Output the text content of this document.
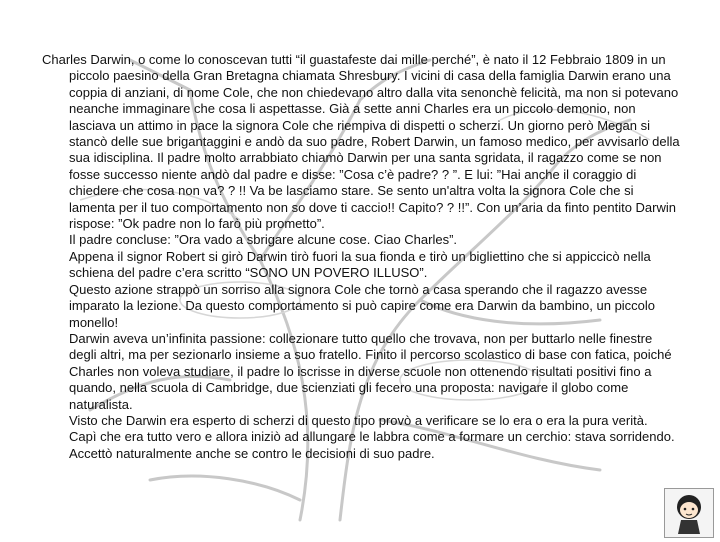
Charles Darwin, o come lo conoscevan tutti “il guastafeste dai mille perché”, è nato il 12 Febbraio 1809 in un piccolo paesino della Gran Bretagna chiamata Shresbury. I vicini di casa della famiglia Darwin erano una coppia di anziani, di nome Cole, che non chiedevano altro dalla vita senonchè felicità, ma non si potevano neanche immaginare che cosa li aspettasse. Già a sette anni Charles era un piccolo demonio, non lasciava un attimo in pace la signora Cole che riempiva di dispetti o scherzi. Un giorno però Megan si stancò delle sue brigantaggini e andò da suo padre, Robert Darwin, un famoso medico, per avvisarlo della sua idisciplina. Il padre molto arrabbiato chiamò Darwin per una santa sgridata, il ragazzo come se non fosse successo niente andò dal padre e disse: ”Cosa c’è padre? ? ”. E lui: ”Hai anche il coraggio di chiedere che cosa non va? ? !! Va be lasciamo stare. Se sento un'altra volta la signora Cole che si lamenta per il tuo comportamento non so dove ti caccio!! Capito? ? !!”. Con un’aria da finto pentito Darwin rispose: ”Ok padre non lo farò più prometto”.

Il padre concluse: ”Ora vado a sbrigare alcune cose. Ciao Charles”.

Appena il signor Robert si girò Darwin tirò fuori la sua fionda e tirò un bigliettino che si appiccicò nella schiena del padre c’era scritto “SONO UN POVERO ILLUSO”.

Questo azione strappò un sorriso alla signora Cole che tornò a casa sperando che il ragazzo avesse imparato la lezione. Da questo comportamento si può capire come era Darwin da bambino, un piccolo monello!

Darwin aveva un’infinita passione: collezionare tutto quello che trovava, non per buttarlo nelle finestre degli altri, ma per sezionarlo insieme a suo fratello. Finito il percorso scolastico di base con fatica, poiché Charles non voleva studiare, il padre lo iscrisse in diverse scuole non ottenendo risultati positivi fino a quando, nella scuola di Cambridge, due scienziati gli fecero una proposta: navigare il globo come naturalista.

Visto che Darwin era esperto di scherzi di questo tipo provò a verificare se lo era o era la pura verità.

Capì che era tutto vero e allora iniziò ad allungare le labbra come a formare un cerchio: stava sorridendo. Accettò naturalmente anche se contro le decisioni di suo padre.
